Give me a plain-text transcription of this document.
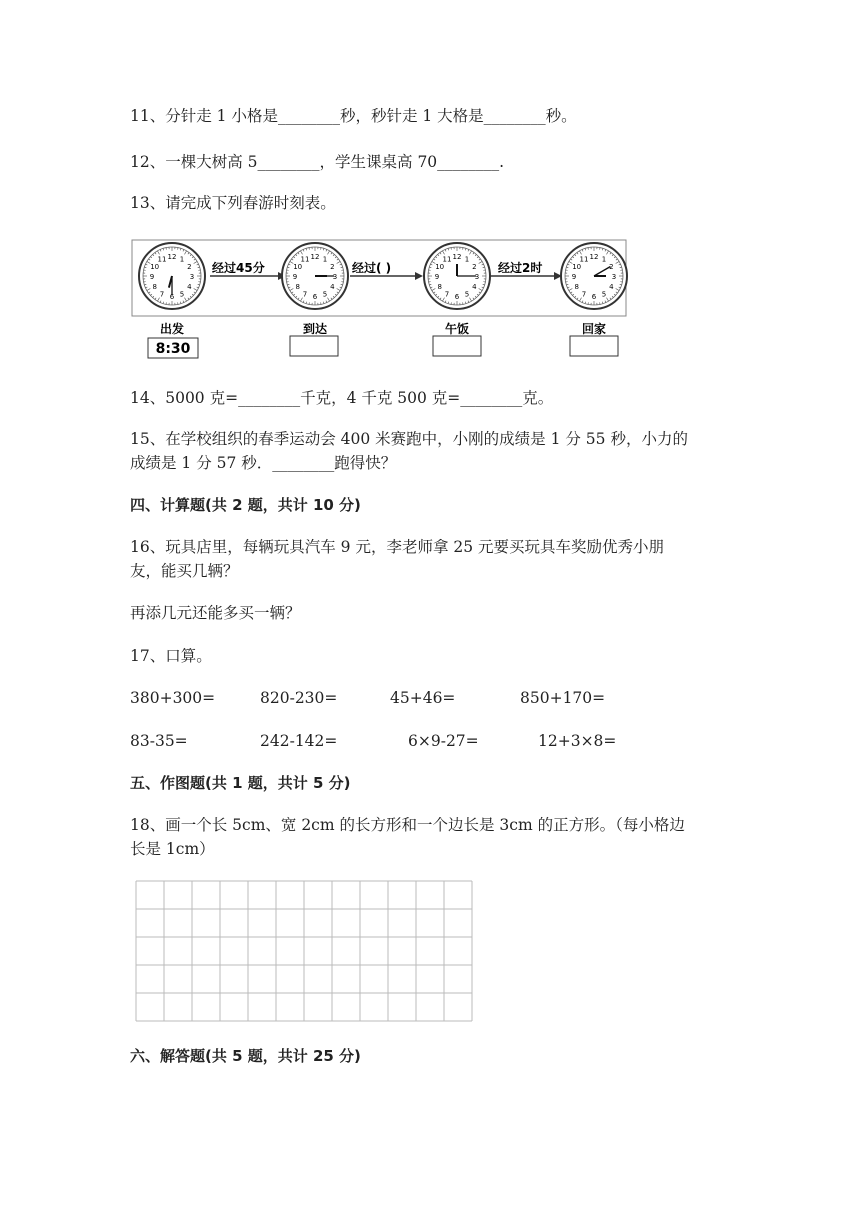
11、分针走 1 小格是________秒，秒针走 1 大格是________秒。
12、一棵大树高 5________，学生课桌高 70________.
13、请完成下列春游时刻表。
经过45分	经过( )	经过2时
12 1
2
3
4
5
6
7
8
9
10
11	12 1
2
3
4
5
6
7
8
9
10
11	12 1
2
3
4
5
6
7
8
9
10
11	12 1
2
3
4
5
6
7
8
9
10
11
出发	到达	午饭	回家
8:30
14、5000 克=________千克，4 千克 500 克=________克。
15、在学校组织的春季运动会 400 米赛跑中，小刚的成绩是 1 分 55 秒，小力的
成绩是 1 分 57 秒．________跑得快？
四、计算题(共 2 题，共计 10 分)
16、玩具店里，每辆玩具汽车 9 元，李老师拿 25 元要买玩具车奖励优秀小朋
友，能买几辆？
再添几元还能多买一辆？
17、口算。
380+300=	820-230=	45+46=	850+170=
83-35=	242-142=	6×9-27=	12+3×8=
五、作图题(共 1 题，共计 5 分)
18、画一个长 5cm、宽 2cm 的长方形和一个边长是 3cm 的正方形。（每小格边
长是 1cm）
六、解答题(共 5 题，共计 25 分)
